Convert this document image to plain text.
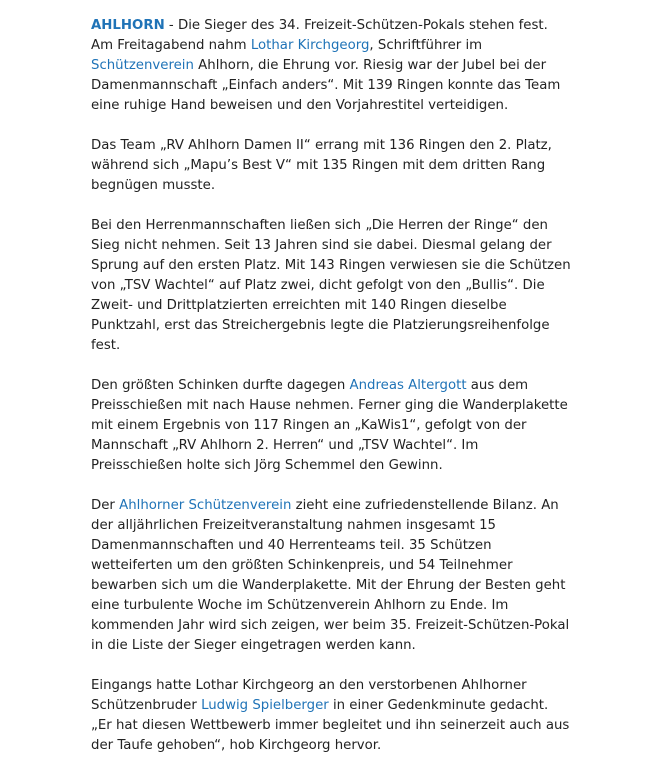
AHLHORN - Die Sieger des 34. Freizeit-Schützen-Pokals stehen fest. Am Freitagabend nahm Lothar Kirchgeorg, Schriftführer im Schützenverein Ahlhorn, die Ehrung vor. Riesig war der Jubel bei der Damenmannschaft „Einfach anders“. Mit 139 Ringen konnte das Team eine ruhige Hand beweisen und den Vorjahrestitel verteidigen.

Das Team „RV Ahlhorn Damen II“ errang mit 136 Ringen den 2. Platz, während sich „Mapu’s Best V“ mit 135 Ringen mit dem dritten Rang begnügen musste.

Bei den Herrenmannschaften ließen sich „Die Herren der Ringe“ den Sieg nicht nehmen. Seit 13 Jahren sind sie dabei. Diesmal gelang der Sprung auf den ersten Platz. Mit 143 Ringen verwiesen sie die Schützen von „TSV Wachtel“ auf Platz zwei, dicht gefolgt von den „Bullis“. Die Zweit- und Drittplatzierten erreichten mit 140 Ringen dieselbe Punktzahl, erst das Streichergebnis legte die Platzierungsreihenfolge fest.

Den größten Schinken durfte dagegen Andreas Altergott aus dem Preisschießen mit nach Hause nehmen. Ferner ging die Wanderplakette mit einem Ergebnis von 117 Ringen an „KaWis1“, gefolgt von der Mannschaft „RV Ahlhorn 2. Herren“ und „TSV Wachtel“. Im Preisschießen holte sich Jörg Schemmel den Gewinn.

Der Ahlhorner Schützenverein zieht eine zufriedenstellende Bilanz. An der alljährlichen Freizeitveranstaltung nahmen insgesamt 15 Damenmannschaften und 40 Herrenteams teil. 35 Schützen wetteiferten um den größten Schinkenpreis, und 54 Teilnehmer bewarben sich um die Wanderplakette. Mit der Ehrung der Besten geht eine turbulente Woche im Schützenverein Ahlhorn zu Ende. Im kommenden Jahr wird sich zeigen, wer beim 35. Freizeit-Schützen-Pokal in die Liste der Sieger eingetragen werden kann.

Eingangs hatte Lothar Kirchgeorg an den verstorbenen Ahlhorner Schützenbruder Ludwig Spielberger in einer Gedenkminute gedacht. „Er hat diesen Wettbewerb immer begleitet und ihn seinerzeit auch aus der Taufe gehoben“, hob Kirchgeorg hervor.
